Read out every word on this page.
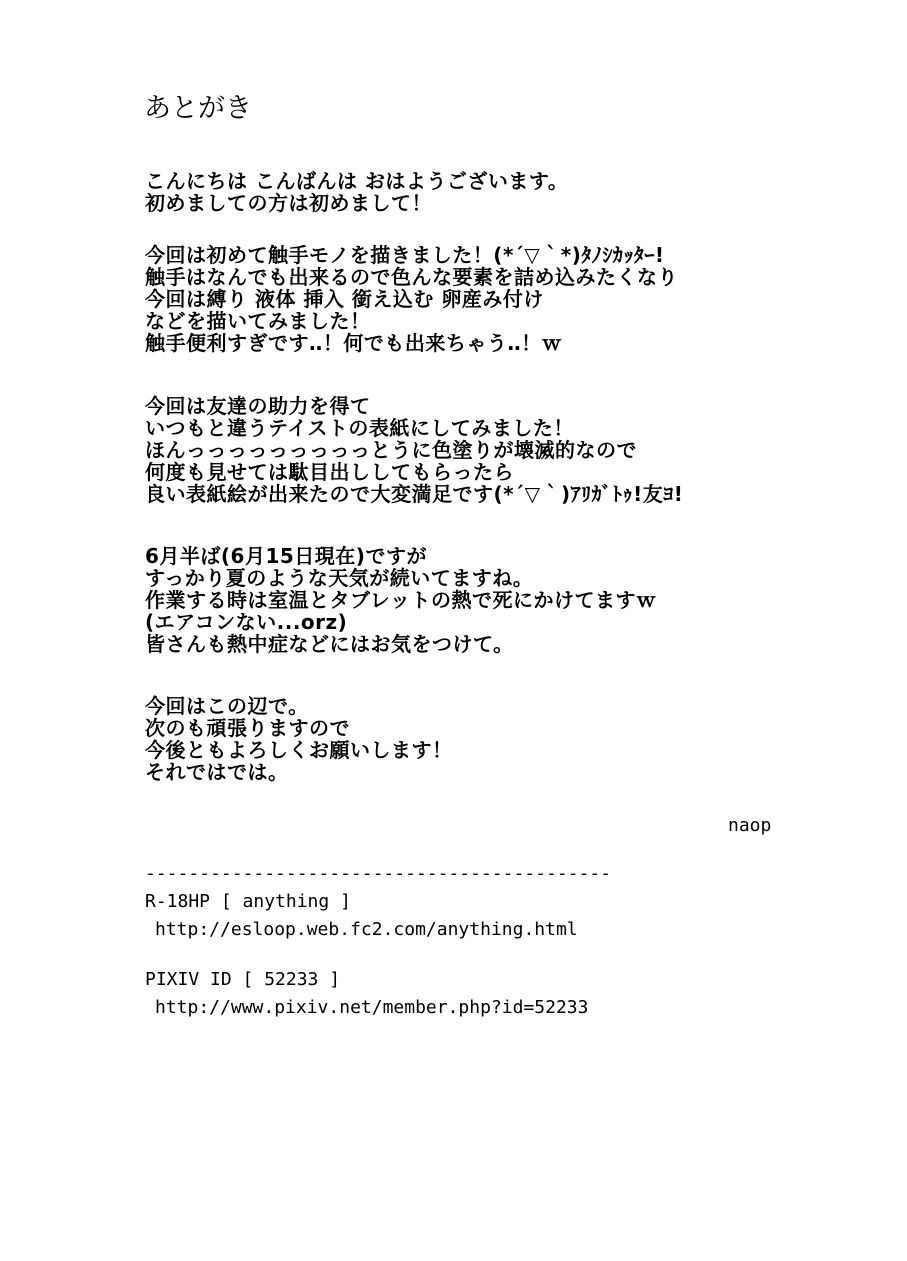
あとがき
こんにちは こんばんは おはようございます。
初めましての方は初めまして！
今回は初めて触手モノを描きました！(*´▽｀*)ﾀﾉｼｶｯﾀｰ!
触手はなんでも出来るので色んな要素を詰め込みたくなり
今回は縛り 液体 挿入 銜え込む 卵産み付け
などを描いてみました！
触手便利すぎです‥！何でも出来ちゃう‥！ｗ
今回は友達の助力を得て
いつもと違うテイストの表紙にしてみました！
ほんっっっっっっっっっとうに色塗りが壊滅的なので
何度も見せては駄目出ししてもらったら
良い表紙絵が出来たので大変満足です(*´▽｀)ｱﾘｶﾞﾄｩ!友ﾖ!
6月半ば(6月15日現在)ですが
すっかり夏のような天気が続いてますね。
作業する時は室温とタブレットの熱で死にかけてますｗ
(エアコンない...orz)
皆さんも熱中症などにはお気をつけて。
今回はこの辺で。
次のも頑張りますので
今後ともよろしくお願いします！
それではでは。
naop
-------------------------------------------
R-18HP [ anything ]
http://esloop.web.fc2.com/anything.html
PIXIV ID [ 52233 ]
http://www.pixiv.net/member.php?id=52233
